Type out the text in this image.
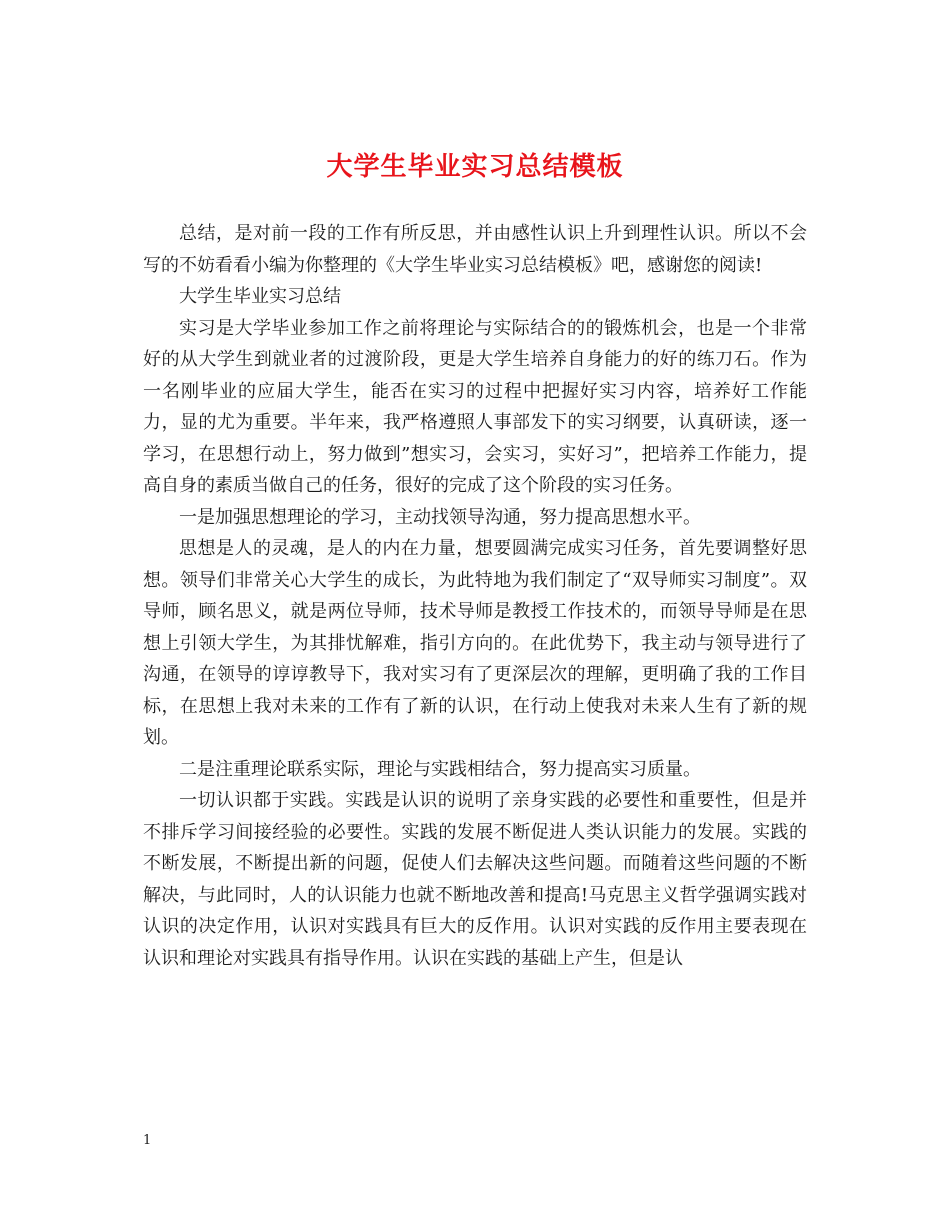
大学生毕业实习总结模板

总结，是对前一段的工作有所反思，并由感性认识上升到理性认识。所以不会写的不妨看看小编为你整理的《大学生毕业实习总结模板》吧，感谢您的阅读!

大学生毕业实习总结

实习是大学毕业参加工作之前将理论与实际结合的的锻炼机会，也是一个非常好的从大学生到就业者的过渡阶段，更是大学生培养自身能力的好的练刀石。作为一名刚毕业的应届大学生，能否在实习的过程中把握好实习内容，培养好工作能力，显的尤为重要。半年来，我严格遵照人事部发下的实习纲要，认真研读，逐一学习，在思想行动上，努力做到”想实习，会实习，实好习”，把培养工作能力，提高自身的素质当做自己的任务，很好的完成了这个阶段的实习任务。

一是加强思想理论的学习，主动找领导沟通，努力提高思想水平。

思想是人的灵魂，是人的内在力量，想要圆满完成实习任务，首先要调整好思想。领导们非常关心大学生的成长，为此特地为我们制定了“双导师实习制度”。双导师，顾名思义，就是两位导师，技术导师是教授工作技术的，而领导导师是在思想上引领大学生，为其排忧解难，指引方向的。在此优势下，我主动与领导进行了沟通，在领导的谆谆教导下，我对实习有了更深层次的理解，更明确了我的工作目标，在思想上我对未来的工作有了新的认识，在行动上使我对未来人生有了新的规划。

二是注重理论联系实际，理论与实践相结合，努力提高实习质量。

一切认识都于实践。实践是认识的说明了亲身实践的必要性和重要性，但是并不排斥学习间接经验的必要性。实践的发展不断促进人类认识能力的发展。实践的不断发展，不断提出新的问题，促使人们去解决这些问题。而随着这些问题的不断解决，与此同时，人的认识能力也就不断地改善和提高!马克思主义哲学强调实践对认识的决定作用，认识对实践具有巨大的反作用。认识对实践的反作用主要表现在认识和理论对实践具有指导作用。认识在实践的基础上产生，但是认

1
